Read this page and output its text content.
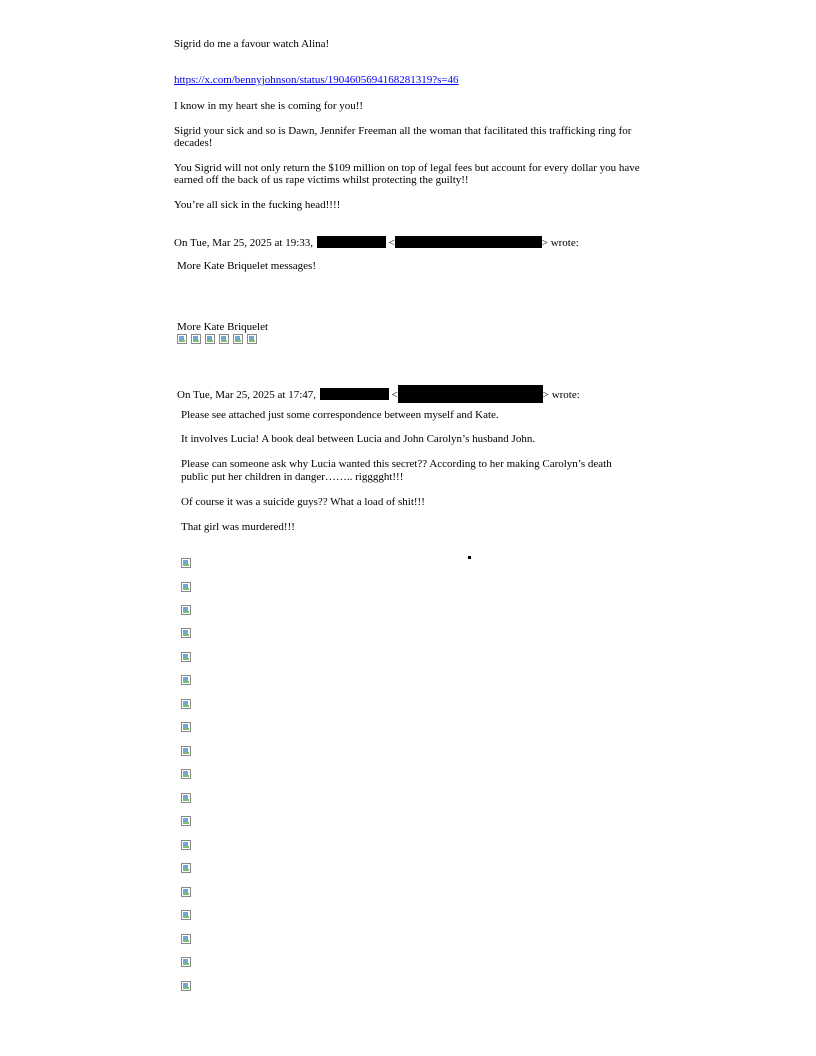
Sigrid do me a favour watch Alina!
https://x.com/bennyjohnson/status/1904605694168281319?s=46
I know in my heart she is coming for you!!
Sigrid your sick and so is Dawn, Jennifer Freeman all the woman that facilitated this trafficking ring for decades!
You Sigrid will not only return the $109 million on top of legal fees but account for every dollar you have earned off the back of us rape victims whilst protecting the guilty!!
You’re all sick in the fucking head!!!!
On Tue, Mar 25, 2025 at 19:33,	<	> wrote:
More Kate Briquelet messages!
More Kate Briquelet
On Tue, Mar 25, 2025 at 17:47,	<	> wrote:
Please see attached just some correspondence between myself and Kate.
It involves Lucia! A book deal between Lucia and John Carolyn’s husband John.
Please can someone ask why Lucia wanted this secret?? According to her making Carolyn’s death
public put her children in danger…….. rigggght!!!
Of course it was a suicide guys?? What a load of shit!!!
That girl was murdered!!!
